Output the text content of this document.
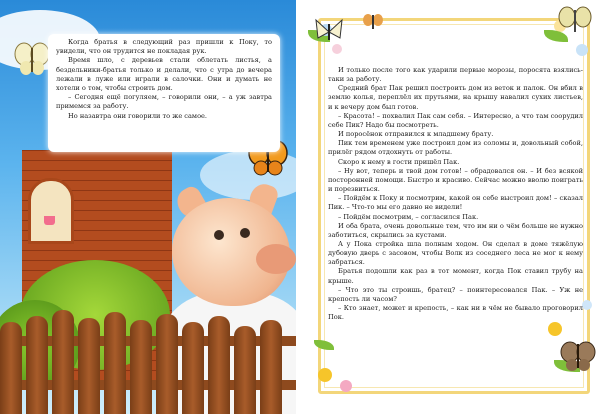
Когда братья в следующий раз пришли к Поку, то увидели, что он трудится не покладая рук.

Время шло, с деревьев стали облетать листья, а бездельники-братья только и делали, что с утра до вечера лежали в луже или играли в салочки. Они и думать не хотели о том, чтобы строить дом.

– Сегодня ещё погуляем, – говорили они, – а уж завтра примемся за работу.

Но назавтра они говорили то же самое.

И только после того как ударили первые морозы, поросята взялись-таки за работу.

Средний брат Пак решил построить дом из веток и палок. Он вбил в землю колья, переплёл их прутьями, на крышу навалил сухих листьев, и к вечеру дом был готов.

– Красота! – похвалил Пак сам себя. – Интересно, а что там соорудил себе Пик? Надо бы посмотреть.

И поросёнок отправился к младшему брату.

Пик тем временем уже построил дом из соломы и, довольный собой, прилёг рядом отдохнуть от работы.

Скоро к нему в гости пришёл Пак.

– Ну вот, теперь и твой дом готов! – обрадовался он. – И без всякой посторонней помощи. Быстро и красиво. Сейчас можно вволю поиграть и порезвиться.

– Пойдём к Поку и посмотрим, какой он себе выстроил дом! – сказал Пик. – Что-то мы его давно не видели!

– Пойдём посмотрим, – согласился Пак.

И оба брата, очень довольные тем, что им ни о чём больше не нужно заботиться, скрылись за кустами.

А у Пока стройка шла полным ходом. Он сделал в доме тяжёлую дубовую дверь с засовом, чтобы Волк из соседнего леса не мог к нему забраться.

Братья подошли как раз в тот момент, когда Пок ставил трубу на крыше.

– Что это ты строишь, братец? – поинтересовался Пак. – Уж не крепость ли часом?

– Кто знает, может и крепость, – как ни в чём не бывало проговорил Пок.
